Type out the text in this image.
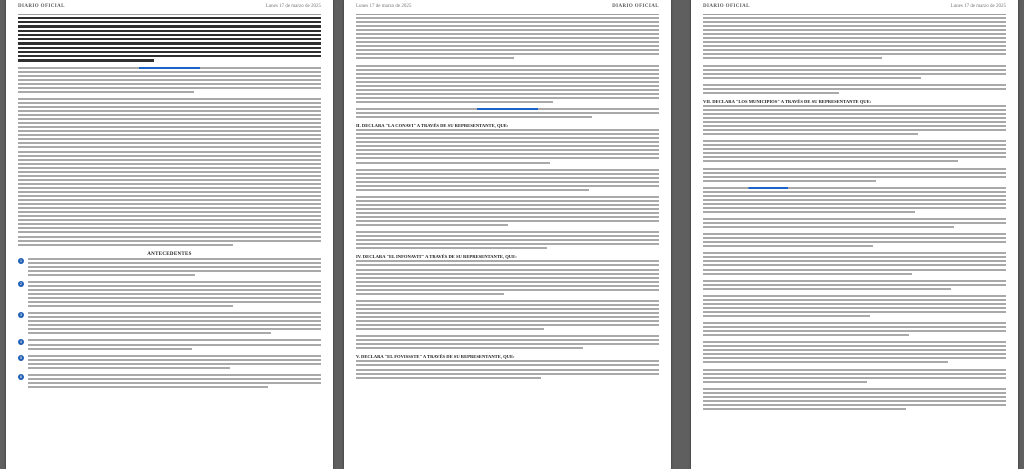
DIARIO OFICIAL	Lunes 17 de marzo de 2025
ANTECEDENTES
1
2
3
4
5
6
Lunes 17 de marzo de 2025	DIARIO OFICIAL
II. DECLARA "LA CONAVI" A TRAVÉS DE SU REPRESENTANTE, QUE:
IV. DECLARA "EL INFONAVIT" A TRAVÉS DE SU REPRESENTANTE, QUE:
V. DECLARA "EL FOVISSSTE" A TRAVÉS DE SU REPRESENTANTE, QUE:
DIARIO OFICIAL	Lunes 17 de marzo de 2025
VII. DECLARA "LOS MUNICIPIOS" A TRAVÉS DE SU REPRESENTANTE QUE:
